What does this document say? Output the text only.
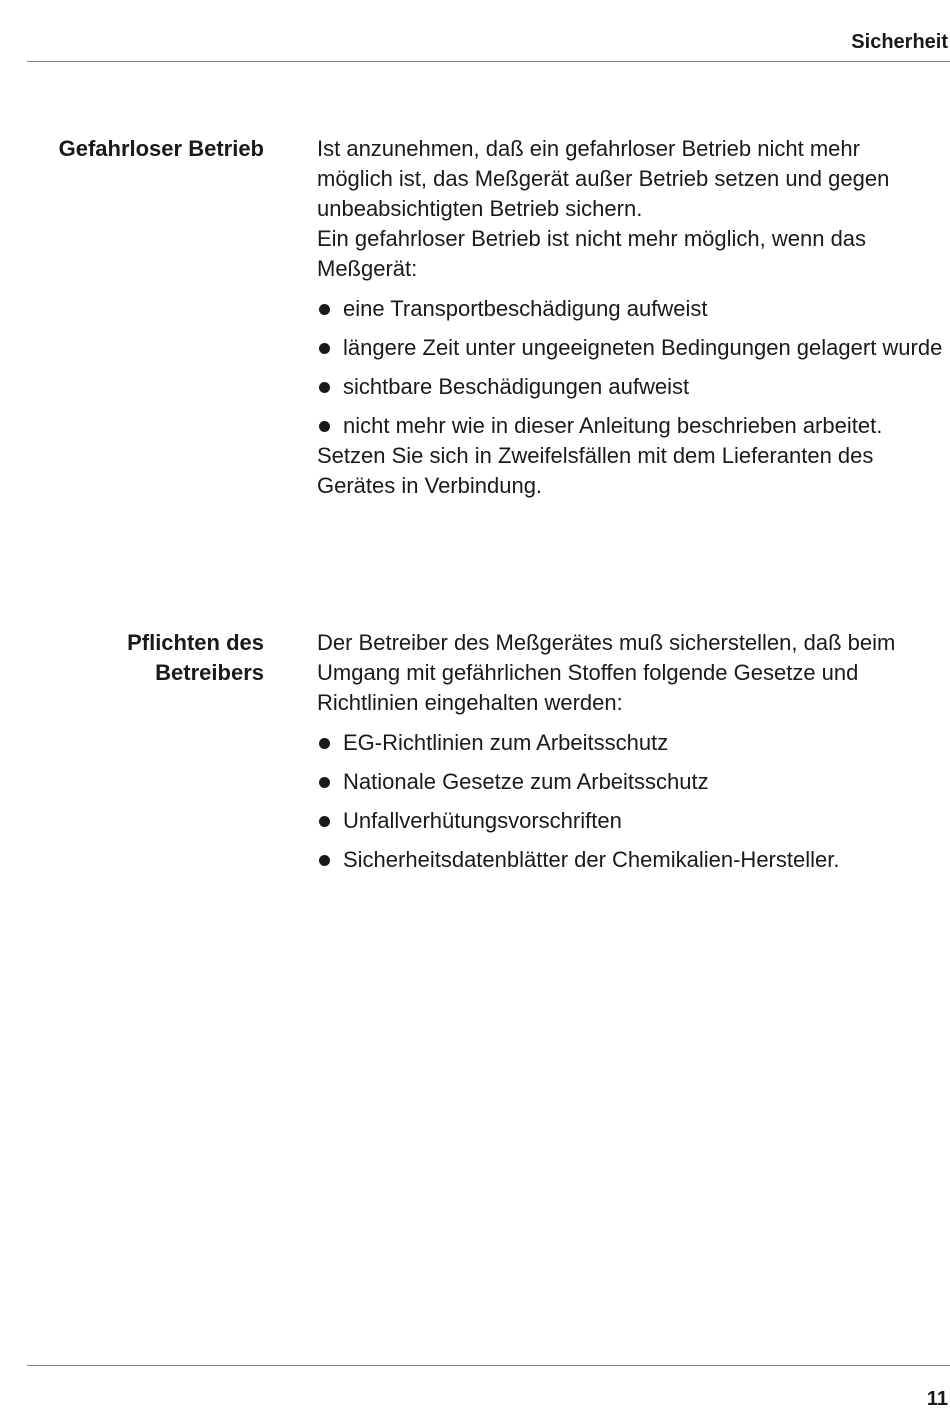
Sicherheit
Gefahrloser Betrieb Ist anzunehmen, daß ein gefahrloser Betrieb nicht mehr

möglich ist, das Meßgerät außer Betrieb setzen und gegen

unbeabsichtigten Betrieb sichern.

Ein gefahrloser Betrieb ist nicht mehr möglich, wenn das

Meßgerät:

eine Transportbeschädigung aufweist
längere Zeit unter ungeeigneten Bedingungen gelagert wurde
sichtbare Beschädigungen aufweist
nicht mehr wie in dieser Anleitung beschrieben arbeitet.

Setzen Sie sich in Zweifelsfällen mit dem Lieferanten des

Gerätes in Verbindung.

Pflichten des
Betreibers

Der Betreiber des Meßgerätes muß sicherstellen, daß beim

Umgang mit gefährlichen Stoffen folgende Gesetze und

Richtlinien eingehalten werden:

EG-Richtlinien zum Arbeitsschutz
Nationale Gesetze zum Arbeitsschutz
Unfallverhütungsvorschriften
Sicherheitsdatenblätter der Chemikalien-Hersteller.
11
